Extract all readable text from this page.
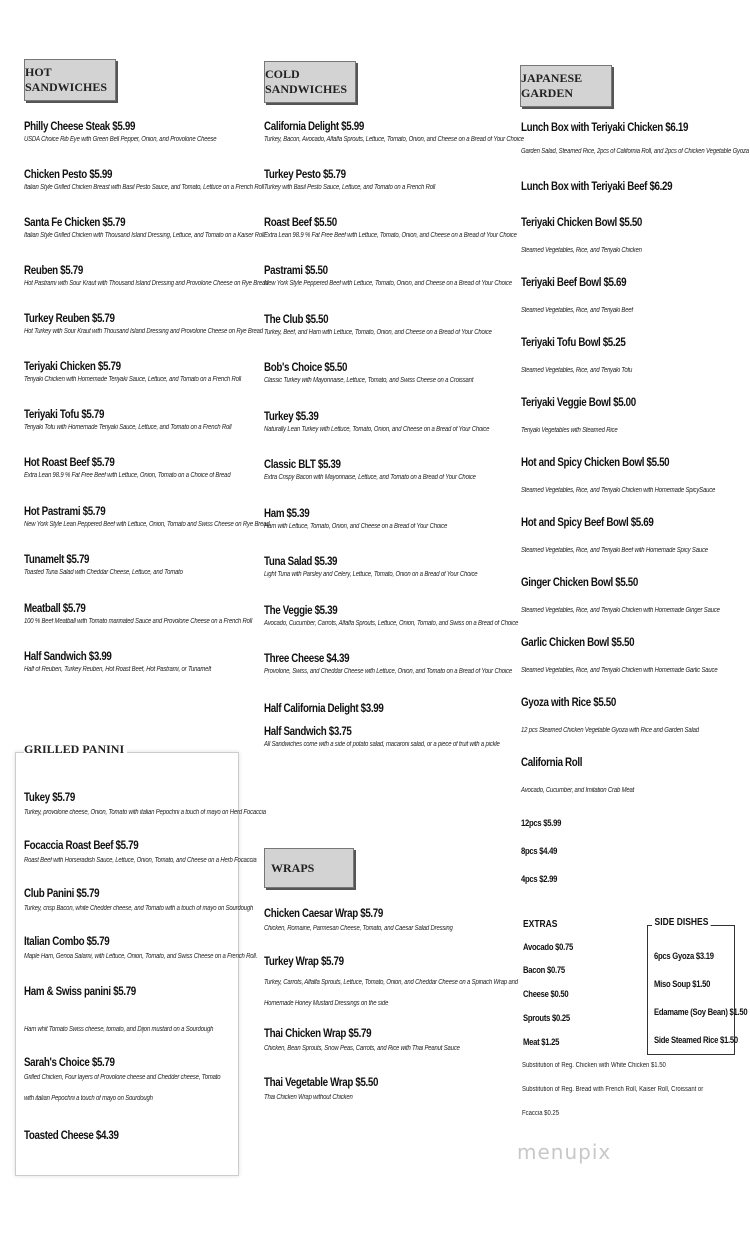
HOT SANDWICHES
COLD SANDWICHES
JAPANESE GARDEN
WRAPS
Philly Cheese Steak $5.99
USDA Choice Rib Eye with Green Bell Pepper, Onion, and Provolone Cheese
Chicken Pesto $5.99
Italian Style Grilled Chicken Breast with Basil Pesto Sauce, and Tomato, Lettuce on a French Roll
Santa Fe Chicken $5.79
Italian Style Grilled Chicken with Thousand Island Dressing, Lettuce, and Tomato on a Kaiser Roll
Reuben $5.79
Hot Pastrami with Sour Kraut with Thousand Island Dressing and Provolone Cheese on Rye Bread
Turkey Reuben $5.79
Hot Turkey with Sour Kraut with Thousand Island Dressing and Provolone Cheese on Rye Bread
Teriyaki Chicken $5.79
Teriyaki Chicken with Homemade Teriyaki Sauce, Lettuce, and Tomato on a French Roll
Teriyaki Tofu $5.79
Teriyaki Tofu with Homemade Teriyaki Sauce, Lettuce, and Tomato on a French Roll
Hot Roast Beef $5.79
Extra Lean 98.9 % Fat Free Beef with Lettuce, Onion, Tomato on a Choice of Bread
Hot Pastrami $5.79
New York Style Lean Peppered Beef with Lettuce, Onion, Tomato and Swiss Cheese on Rye Bread
Tunamelt $5.79
Toasted Tuna Salad with Cheddar Cheese, Lettuce, and Tomato
Meatball $5.79
100 % Beef Meatball with Tomato marinated Sauce and Provolone Cheese on a French Roll
Half Sandwich $3.99
Half of Reuben, Turkey Reuben, Hot Roast Beef, Hot Pastrami, or Tunamelt
GRILLED PANINI
Tukey $5.79
Turkey, provolone cheese, Onion, Tomato with italian Pepochni a touch of mayo on Herd Focaccia
Focaccia Roast Beef $5.79
Roast Beef with Horseradish Sauce, Lettuce, Onion, Tomato, and Cheese on a Herb Focaccia
Club Panini $5.79
Turkey, crisp Bacon, white Chedder cheese, and Tomato with a touch of mayo on Sourdough
Italian Combo $5.79
Maple Ham, Genoa Salami, with Lettuce, Onion, Tomato, and Swiss Cheese on a French Roll.
Ham & Swiss panini $5.79
Ham whit Tomato Swiss cheese, tomato, and Dijon mustard on a Sourdough
Sarah's Choice $5.79
Grilled Chicken, Four layers of Provolone cheese and Chedder cheese, Tomato
with italian Pepochni a touch of mayo on Sourdough
Toasted Cheese $4.39
California Delight $5.99
Turkey, Bacon, Avocado, Alfalfa Sprouts, Lettuce, Tomato, Onion, and Cheese on a Bread of Your Choice
Turkey Pesto $5.79
Turkey with Basil Pesto Sauce, Lettuce, and Tomato on a French Roll
Roast Beef $5.50
Extra Lean 98.9 % Fat Free Beef with Lettuce, Tomato, Onion, and Cheese on a Bread of Your Choice
Pastrami $5.50
New York Style Peppered Beef with Lettuce, Tomato, Onion, and Cheese on a Bread of Your Choice
The Club $5.50
Turkey, Beef, and Ham with Lettuce, Tomato, Onion, and Cheese on a Bread of Your Choice
Bob's Choice $5.50
Classic Turkey with Mayonnaise, Lettuce, Tomato, and Swiss Cheese on a Croissant
Turkey $5.39
Naturally Lean Turkey with Lettuce, Tomato, Onion, and Cheese on a Bread of Your Choice
Classic BLT $5.39
Extra Crispy Bacon with Mayonnaise, Lettuce, and Tomato on a Bread of Your Choice
Ham $5.39
Ham with Lettuce, Tomato, Onion, and Cheese on a Bread of Your Choice
Tuna Salad $5.39
Light Tuna with Parsley and Celery, Lettuce, Tomato, Onion on a Bread of Your Choice
The Veggie $5.39
Avocado, Cucumber, Carrots, Alfalfa Sprouts, Lettuce, Onion, Tomato, and Swiss on a Bread of Choice
Three Cheese $4.39
Provolone, Swiss, and Cheddar Cheese with Lettuce, Onion, and Tomato on a Bread of Your Choice
Half California Delight $3.99
Half Sandwich $3.75
All Sandwiches come with a side of potato salad, macaroni salad, or a piece of fruit with a pickle
Chicken Caesar Wrap $5.79
Chicken, Romaine, Parmesan Cheese, Tomato, and Caesar Salad Dressing
Turkey Wrap $5.79
Turkey, Carrots, Alfalfa Sprouts, Lettuce, Tomato, Onion, and Cheddar Cheese on a Spinach Wrap and
Homemade Honey Mustard Dressings on the side
Thai Chicken Wrap $5.79
Chicken, Bean Sprouts, Snow Peas, Carrots, and Rice with Thai Peanut Sauce
Thai Vegetable Wrap $5.50
Thai Chicken Wrap without Chicken
Lunch Box with Teriyaki Chicken $6.19
Garden Salad, Steamed Rice, 2pcs of California Roll, and 2pcs of Chicken Vegetable Gyoza
Lunch Box with Teriyaki Beef $6.29
Teriyaki Chicken Bowl $5.50
Steamed Vegetables, Rice, and Teriyaki Chicken
Teriyaki Beef Bowl $5.69
Steamed Vegetables, Rice, and Teriyaki Beef
Teriyaki Tofu Bowl $5.25
Steamed Vegetables, Rice, and Teriyaki Tofu
Teriyaki Veggie Bowl $5.00
Teriyaki Vegetables with Steamed Rice
Hot and Spicy Chicken Bowl $5.50
Steamed Vegetables, Rice, and Teriyaki Chicken with Homemade SpicySauce
Hot and Spicy Beef Bowl $5.69
Steamed Vegetables, Rice, and Teriyaki Beef with Homemade Spicy Sauce
Ginger Chicken Bowl $5.50
Steamed Vegetables, Rice, and Teriyaki Chicken with Homemade Ginger Sauce
Garlic Chicken Bowl $5.50
Steamed Vegetables, Rice, and Teriyaki Chicken with Homemade Garlic Sauce
Gyoza with Rice $5.50
12 pcs Steamed Chicken Vegetable Gyoza with Rice and Garden Salad
California Roll
Avocado, Cucumber, and Imitation Crab Meat
12pcs $5.99
8pcs $4.49
4pcs $2.99
EXTRAS
Avocado $0.75
Bacon $0.75
Cheese $0.50
Sprouts $0.25
Meat $1.25
Substitution of Reg. Chicken with White Chicken $1.50
Substitution of Reg. Bread with French Roll, Kaiser Roll, Croissant or
Fcaccia $0.25
SIDE DISHES
6pcs Gyoza $3.19
Miso Soup $1.50
Edamame (Soy Bean) $1.50
Side Steamed Rice $1.50
menupix
